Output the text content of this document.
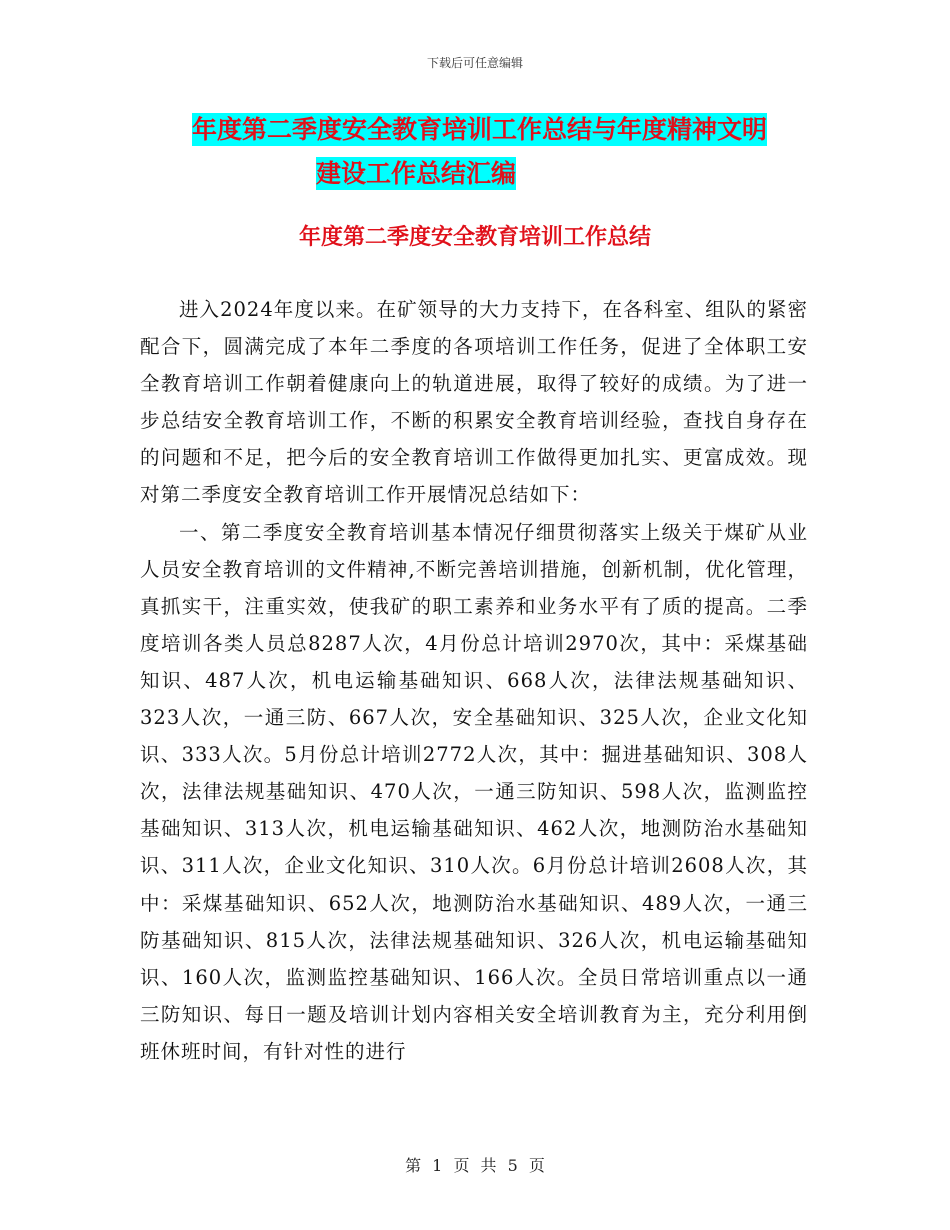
下载后可任意编辑
年度第二季度安全教育培训工作总结与年度精神文明
建设工作总结汇编
年度第二季度安全教育培训工作总结

进入2024年度以来。在矿领导的大力支持下，在各科室、组队的紧密配合下，圆满完成了本年二季度的各项培训工作任务，促进了全体职工安全教育培训工作朝着健康向上的轨道进展，取得了较好的成绩。为了进一步总结安全教育培训工作，不断的积累安全教育培训经验，查找自身存在的问题和不足，把今后的安全教育培训工作做得更加扎实、更富成效。现对第二季度安全教育培训工作开展情况总结如下：

一、第二季度安全教育培训基本情况仔细贯彻落实上级关于煤矿从业人员安全教育培训的文件精神,不断完善培训措施，创新机制，优化管理，真抓实干，注重实效，使我矿的职工素养和业务水平有了质的提高。二季度培训各类人员总8287人次，4月份总计培训2970次，其中：采煤基础知识、487人次，机电运输基础知识、668人次，法律法规基础知识、323人次，一通三防、667人次，安全基础知识、325人次，企业文化知识、333人次。5月份总计培训2772人次，其中：掘进基础知识、308人次，法律法规基础知识、470人次，一通三防知识、598人次，监测监控基础知识、313人次，机电运输基础知识、462人次，地测防治水基础知识、311人次，企业文化知识、310人次。6月份总计培训2608人次，其中：采煤基础知识、652人次，地测防治水基础知识、489人次，一通三防基础知识、815人次，法律法规基础知识、326人次，机电运输基础知识、160人次，监测监控基础知识、166人次。全员日常培训重点以一通三防知识、每日一题及培训计划内容相关安全培训教育为主，充分利用倒班休班时间，有针对性的进行

第 1 页 共 5 页
